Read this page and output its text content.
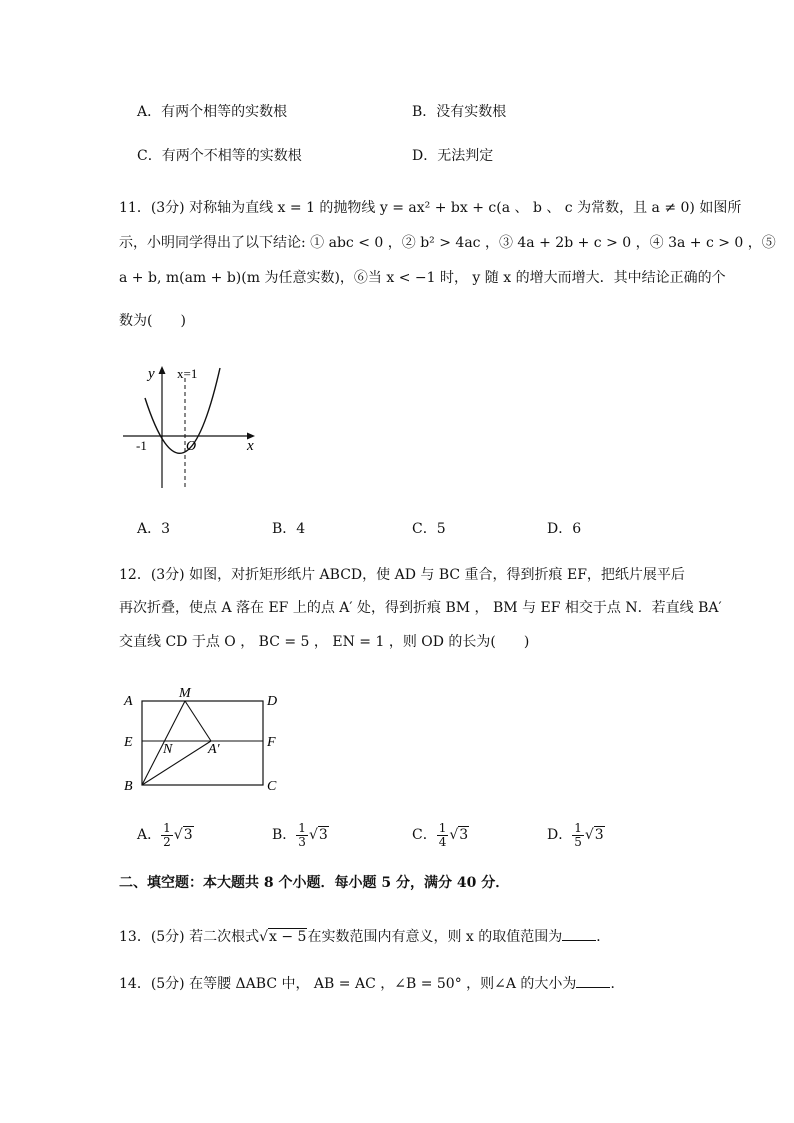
A．有两个相等的实数根	B．没有实数根
C．有两个不相等的实数根	D．无法判定
11．(3分) 对称轴为直线 x = 1 的抛物线 y = ax² + bx + c(a 、 b 、 c 为常数，且 a ≠ 0) 如图所
示，小明同学得出了以下结论: ① abc < 0 ，② b² > 4ac ，③ 4a + 2b + c > 0 ，④ 3a + c > 0 ，⑤
a + b, m(am + b)(m 为任意实数)，⑥当 x < −1 时， y 随 x 的增大而增大．其中结论正确的个
数为(　　)
y x=1
-1	O	x
A．3	B．4	C．5	D．6
12．(3分) 如图，对折矩形纸片 ABCD，使 AD 与 BC 重合，得到折痕 EF，把纸片展平后
再次折叠，使点 A 落在 EF 上的点 A′ 处，得到折痕 BM ， BM 与 EF 相交于点 N．若直线 BA′
交直线 CD 于点 O ， BC = 5 ， EN = 1 ，则 OD 的长为(　　)
A
M
D
E N	A′	F
B	C
A． $\frac{1}{2} √3$	B． $\frac{1}{3} √3$	C． $\frac{1}{4} √3$	D． $\frac{1}{5} √3$
二、填空题：本大题共 8 个小题．每小题 5 分，满分 40 分．
13．(5分) 若二次根式√x − 5在实数范围内有意义，则 x 的取值范围为 ．
14．(5分) 在等腰 ΔABC 中， AB = AC ，∠B = 50° ，则∠A 的大小为 ．
